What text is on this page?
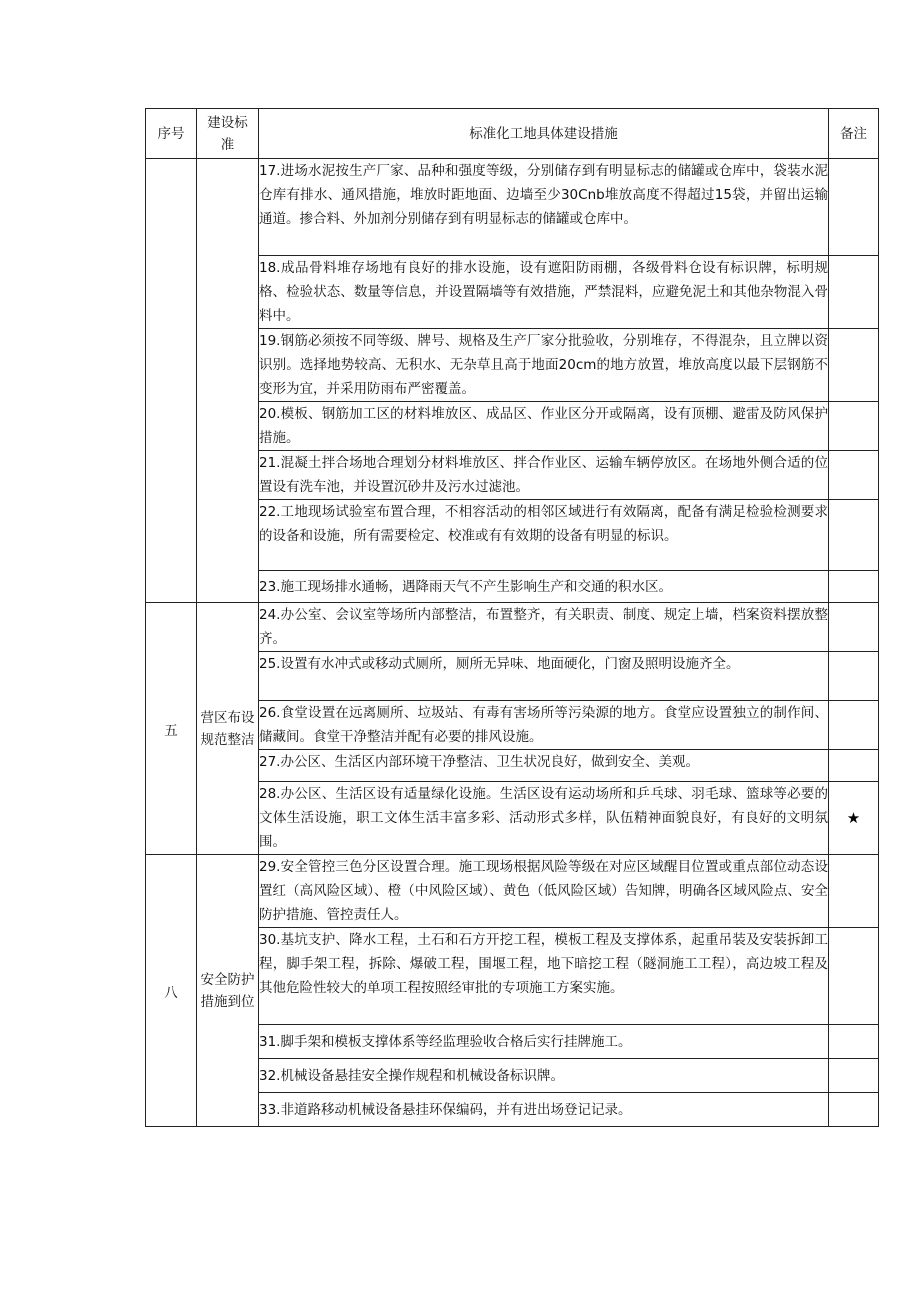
序号	建设标准	标准化工地具体建设措施	备注
		17.进场水泥按生产厂家、品种和强度等级，分别储存到有明显标志的储罐或仓库中，袋装水泥仓库有排水、通风措施，堆放时距地面、边墙至少30Cnb堆放高度不得超过15袋，并留出运输通道。掺合料、外加剂分别储存到有明显标志的储罐或仓库中。	
		18.成品骨料堆存场地有良好的排水设施，设有遮阳防雨棚，各级骨料仓设有标识牌，标明规格、检验状态、数量等信息，并设置隔墙等有效措施，严禁混料，应避免泥土和其他杂物混入骨料中。	
		19.钢筋必须按不同等级、牌号、规格及生产厂家分批验收，分别堆存，不得混杂，且立牌以资识别。选择地势较高、无积水、无杂草且高于地面20cm的地方放置，堆放高度以最下层钢筋不变形为宜，并采用防雨布严密覆盖。	
		20.模板、钢筋加工区的材料堆放区、成品区、作业区分开或隔离，设有顶棚、避雷及防风保护措施。	
		21.混凝土拌合场地合理划分材料堆放区、拌合作业区、运输车辆停放区。在场地外侧合适的位置设有洗车池，并设置沉砂井及污水过滤池。	
		22.工地现场试验室布置合理，不相容活动的相邻区域进行有效隔离，配备有满足检验检测要求的设备和设施，所有需要检定、校准或有有效期的设备有明显的标识。	
		23.施工现场排水通畅，遇降雨天气不产生影响生产和交通的积水区。	
五	营区布设规范整洁	24.办公室、会议室等场所内部整洁，布置整齐，有关职责、制度、规定上墙，档案资料摆放整齐。	
		25.设置有水冲式或移动式厕所，厕所无异味、地面硬化，门窗及照明设施齐全。	
		26.食堂设置在远离厕所、垃圾站、有毒有害场所等污染源的地方。食堂应设置独立的制作间、储藏间。食堂干净整洁并配有必要的排风设施。	
		27.办公区、生活区内部环境干净整洁、卫生状况良好，做到安全、美观。	
		28.办公区、生活区设有适量绿化设施。生活区设有运动场所和乒乓球、羽毛球、篮球等必要的文体生活设施，职工文体生活丰富多彩、活动形式多样，队伍精神面貌良好，有良好的文明氛围。	★
八	安全防护措施到位	29.安全管控三色分区设置合理。施工现场根据风险等级在对应区域醒目位置或重点部位动态设置红（高风险区域）、橙（中风险区域）、黄色（低风险区域）告知牌，明确各区域风险点、安全防护措施、管控责任人。	
		30.基坑支护、降水工程，土石和石方开挖工程，模板工程及支撑体系，起重吊装及安装拆卸工程，脚手架工程，拆除、爆破工程，围堰工程，地下暗挖工程（隧洞施工工程），高边坡工程及其他危险性较大的单项工程按照经审批的专项施工方案实施。	
		31.脚手架和模板支撑体系等经监理验收合格后实行挂牌施工。	
		32.机械设备悬挂安全操作规程和机械设备标识牌。	
		33.非道路移动机械设备悬挂环保编码，并有进出场登记记录。	
